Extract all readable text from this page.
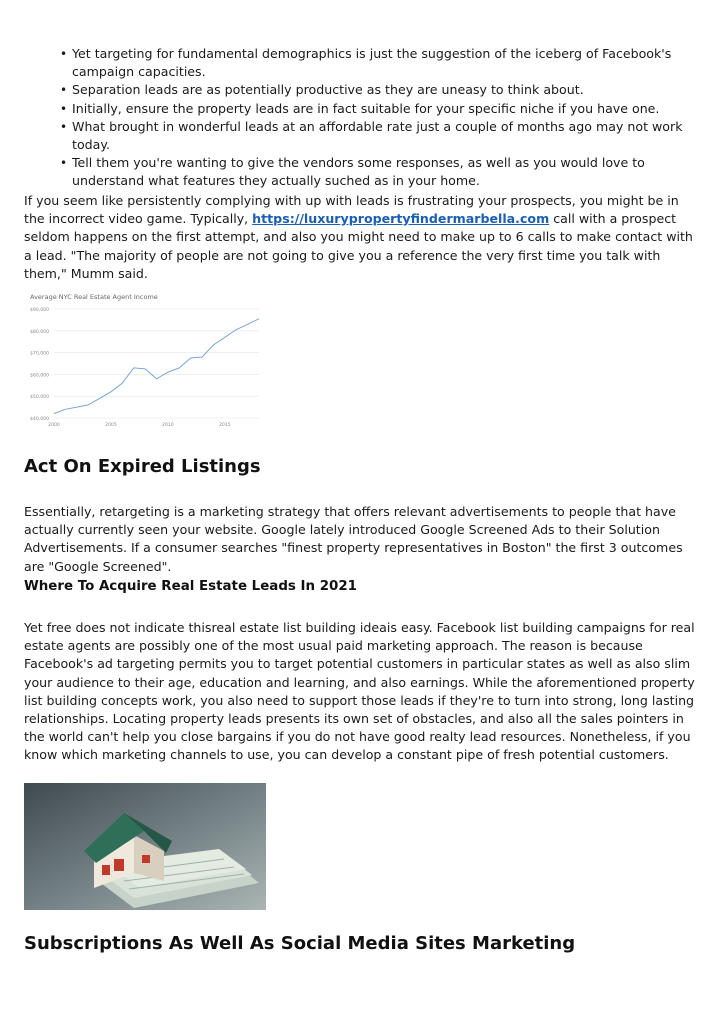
• Yet targeting for fundamental demographics is just the suggestion of the iceberg of Facebook's campaign capacities.
• Separation leads are as potentially productive as they are uneasy to think about.
• Initially, ensure the property leads are in fact suitable for your specific niche if you have one.
• What brought in wonderful leads at an affordable rate just a couple of months ago may not work today.
• Tell them you're wanting to give the vendors some responses, as well as you would love to understand what features they actually suched as in your home.

If you seem like persistently complying with up with leads is frustrating your prospects, you might be in the incorrect video game. Typically, https://luxurypropertyfindermarbella.com call with a prospect seldom happens on the first attempt, and also you might need to make up to 6 calls to make contact with a lead. "The majority of people are not going to give you a reference the very first time you talk with them," Mumm said.

Average NYC Real Estate Agent Income
$40,000
$50,000
$60,000
$70,000
$80,000
$90,000
2000	2005	2010	2015
Act On Expired Listings

Essentially, retargeting is a marketing strategy that offers relevant advertisements to people that have actually currently seen your website. Google lately introduced Google Screened Ads to their Solution Advertisements. If a consumer searches "finest property representatives in Boston" the first 3 outcomes are "Google Screened".

Where To Acquire Real Estate Leads In 2021

Yet free does not indicate thisreal estate list building ideais easy. Facebook list building campaigns for real estate agents are possibly one of the most usual paid marketing approach. The reason is because Facebook's ad targeting permits you to target potential customers in particular states as well as also slim your audience to their age, education and learning, and also earnings. While the aforementioned property list building concepts work, you also need to support those leads if they're to turn into strong, long lasting relationships. Locating property leads presents its own set of obstacles, and also all the sales pointers in the world can't help you close bargains if you do not have good realty lead resources. Nonetheless, if you know which marketing channels to use, you can develop a constant pipe of fresh potential customers.

Subscriptions As Well As Social Media Sites Marketing
